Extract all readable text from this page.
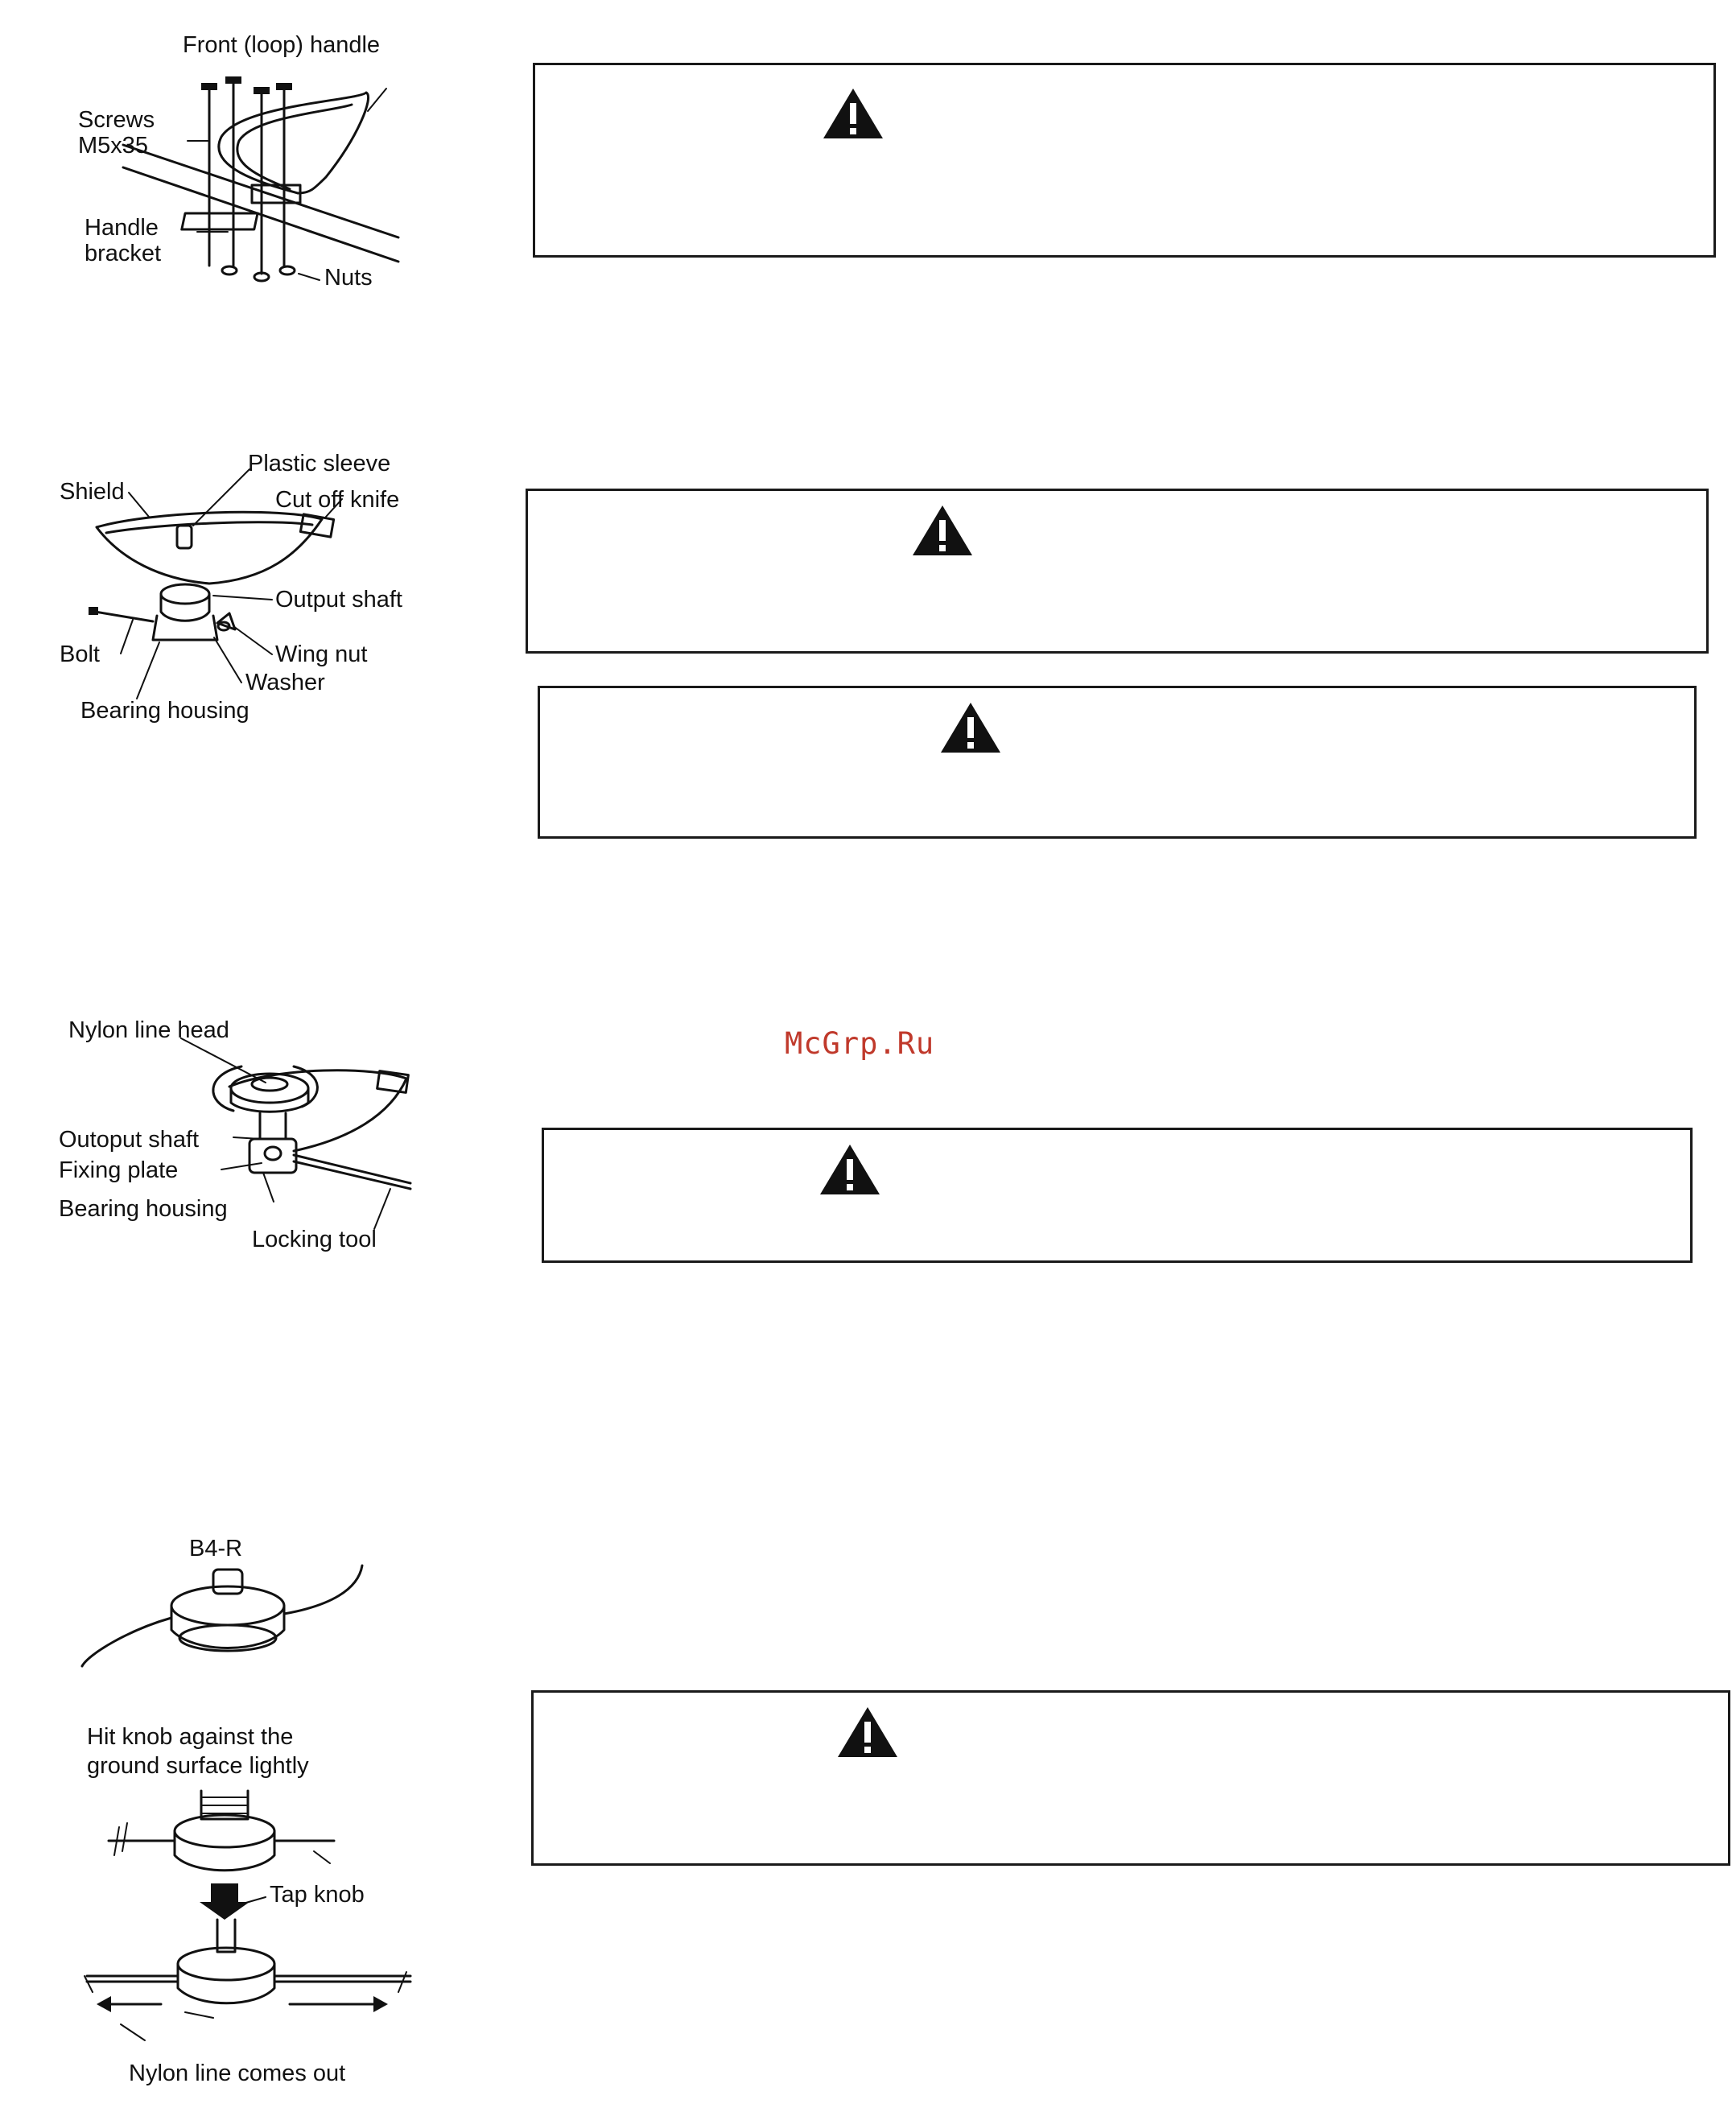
Front (loop) handle
Screws
M5x35
Handle
bracket
Nuts
Plastic sleeve
Shield	Cut off knife
Output shaft
Bolt	Wing nut
Washer
Bearing housing
McGrp.Ru
Nylon line head
Outoput shaft
Fixing plate
Bearing housing
Locking tool
B4-R
Hit knob against the
ground surface lightly
Tap knob
Nylon line comes out
